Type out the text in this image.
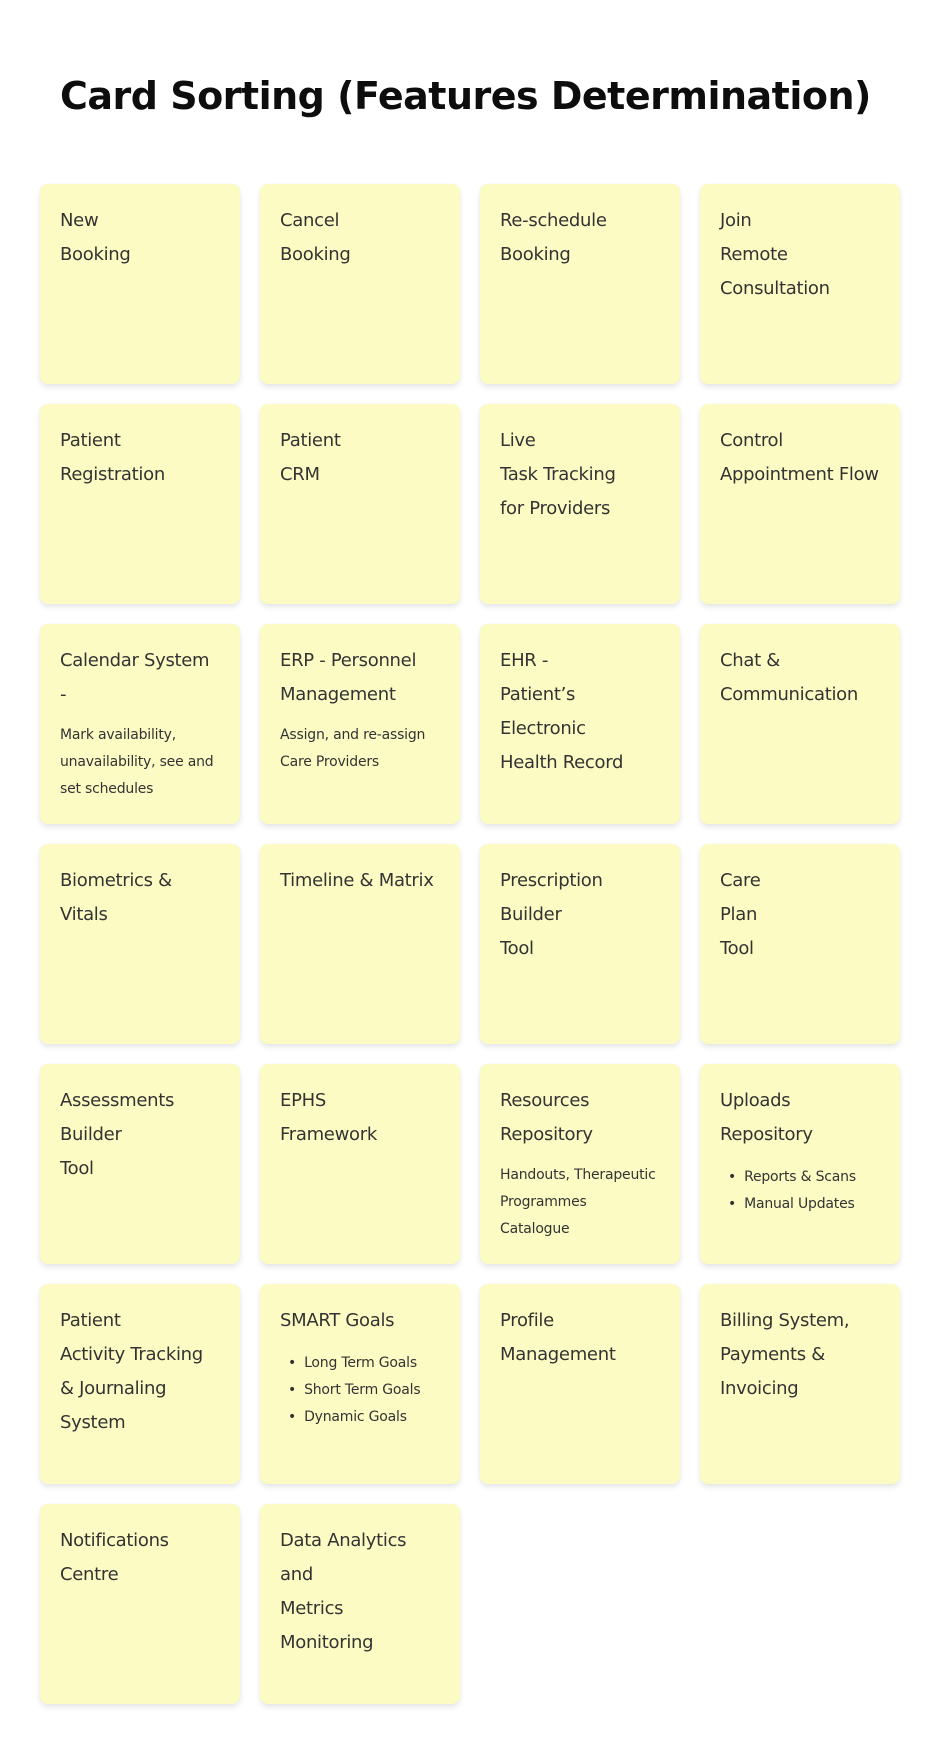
Card Sorting (Features Determination)
New
Booking
Cancel
Booking
Re-schedule
Booking
Join
Remote
Consultation
Patient
Registration
Patient
CRM
Live
Task Tracking
for Providers
Control
Appointment Flow
Calendar System -
Mark availability,
unavailability, see and
set schedules
ERP - Personnel
Management
Assign, and re-assign
Care Providers
EHR -
Patient’s
Electronic
Health Record
Chat &
Communication
Biometrics &
Vitals
Timeline & Matrix	Prescription
Builder
Tool
Care
Plan
Tool
Assessments
Builder
Tool
EPHS
Framework
Resources
Repository
Handouts, Therapeutic
Programmes Catalogue
Uploads
Repository
• Reports & Scans
• Manual Updates
Patient
Activity Tracking
& Journaling
System
SMART Goals
• Long Term Goals
• Short Term Goals
• Dynamic Goals
Profile
Management
Billing System,
Payments &
Invoicing
Notifications
Centre
Data Analytics
and
Metrics
Monitoring
